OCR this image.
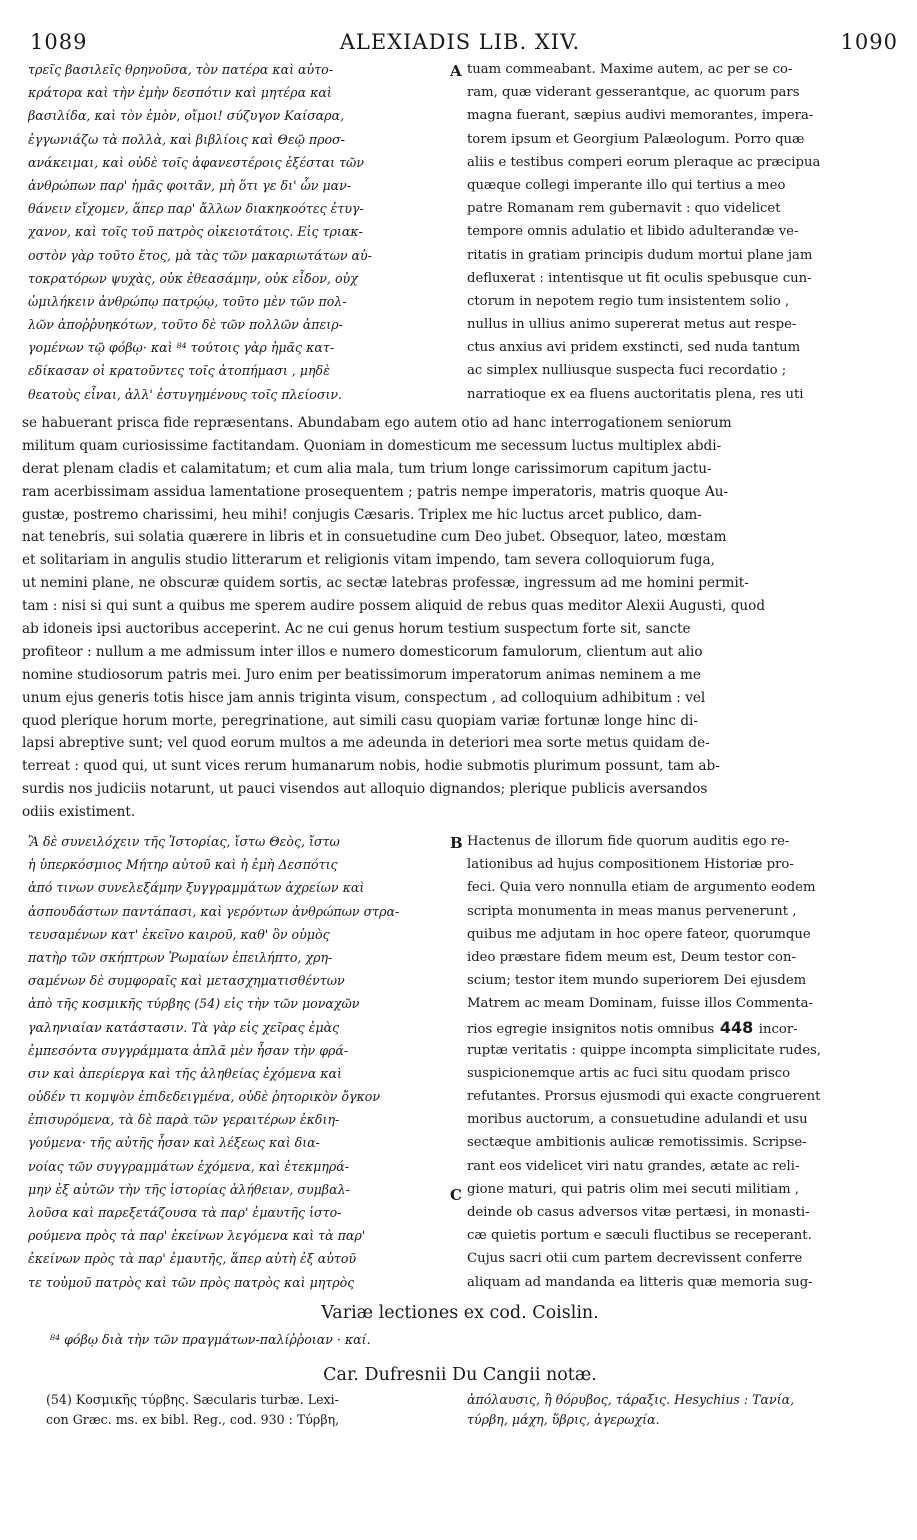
1089	ALEXIADIS LIB. XIV.	1090
τρεῖς βασιλεῖς θρηνοῦσα, τὸν πατέρα καὶ αὐτο-
κράτορα καὶ τὴν ἐμὴν δεσπότιν καὶ μητέρα καὶ
βασιλίδα, καὶ τὸν ἐμὸν, οἴμοι! σύζυγον Καίσαρα,
ἐγγωνιάζω τὰ πολλὰ, καὶ βιβλίοις καὶ Θεῷ προσ-
ανάκειμαι, καὶ οὐδὲ τοῖς ἀφανεστέροις ἐξέσται τῶν
ἀνθρώπων παρ' ἡμᾶς φοιτᾶν, μὴ ὅτι γε δι' ὧν μαν-
θάνειν εἴχομεν, ἅπερ παρ' ἄλλων διακηκοότες ἐτυγ-
χανον, καὶ τοῖς τοῦ πατρὸς οἰκειοτάτοις. Εἰς τριακ-
οστὸν γὰρ τοῦτο ἔτος, μὰ τὰς τῶν μακαριωτάτων αὐ-
τοκρατόρων ψυχὰς, οὐκ ἐθεασάμην, οὐκ εἶδον, οὐχ
ὡμιλήκειν ἀνθρώπῳ πατρῴῳ, τοῦτο μὲν τῶν πολ-
λῶν ἀποῤῥυηκότων, τοῦτο δὲ τῶν πολλῶν ἀπειρ-
γομένων τῷ φόβῳ· καὶ ⁸⁴ τούτοις γὰρ ἡμᾶς κατ-
εδίκασαν οἱ κρατοῦντες τοῖς ἀτοπήμασι , μηδὲ
θεατοὺς εἶναι, ἀλλ' ἐστυγημένους τοῖς πλείοσιν.
A tuam commeabant. Maxime autem, ac per se co-
ram, quæ viderant gesserantque, ac quorum pars
magna fuerant, sæpius audivi memorantes, impera-
torem ipsum et Georgium Palæologum. Porro quæ
aliis e testibus comperi eorum pleraque ac præcipua
quæque collegi imperante illo qui tertius a meo
patre Romanam rem gubernavit : quo videlicet
tempore omnis adulatio et libido adulterandæ ve-
ritatis in gratiam principis dudum mortui plane jam
defluxerat : intentisque ut fit oculis spebusque cun-
ctorum in nepotem regio tum insistentem solio ,
nullus in ullius animo supererat metus aut respe-
ctus anxius avi pridem exstincti, sed nuda tantum
ac simplex nulliusque suspecta fuci recordatio ;
narratioque ex ea fluens auctoritatis plena, res uti
se habuerant prisca fide repræsentans. Abundabam ego autem otio ad hanc interrogationem seniorum
militum quam curiosissime factitandam. Quoniam in domesticum me secessum luctus multiplex abdi-
derat plenam cladis et calamitatum; et cum alia mala, tum trium longe carissimorum capitum jactu-
ram acerbissimam assidua lamentatione prosequentem ; patris nempe imperatoris, matris quoque Au-
gustæ, postremo charissimi, heu mihi! conjugis Cæsaris. Triplex me hic luctus arcet publico, dam-
nat tenebris, sui solatia quærere in libris et in consuetudine cum Deo jubet. Obsequor, lateo, mœstam
et solitariam in angulis studio litterarum et religionis vitam impendo, tam severa colloquiorum fuga,
ut nemini plane, ne obscuræ quidem sortis, ac sectæ latebras professæ, ingressum ad me homini permit-
tam : nisi si qui sunt a quibus me sperem audire possem aliquid de rebus quas meditor Alexii Augusti, quod
ab idoneis ipsi auctoribus acceperint. Ac ne cui genus horum testium suspectum forte sit, sancte
profiteor : nullum a me admissum inter illos e numero domesticorum famulorum, clientum aut alio
nomine studiosorum patris mei. Juro enim per beatissimorum imperatorum animas neminem a me
unum ejus generis totis hisce jam annis triginta visum, conspectum , ad colloquium adhibitum : vel
quod plerique horum morte, peregrinatione, aut simili casu quopiam variæ fortunæ longe hinc di-
lapsi abreptive sunt; vel quod eorum multos a me adeunda in deteriori mea sorte metus quidam de-
terreat : quod qui, ut sunt vices rerum humanarum nobis, hodie submotis plurimum possunt, tam ab-
surdis nos judiciis notarunt, ut pauci visendos aut alloquio dignandos; plerique publicis aversandos
odiis existiment.
Ἃ δὲ συνειλόχειν τῆς Ἱστορίας, ἴστω Θεὸς, ἴστω
ἡ ὑπερκόσμιος Μήτηρ αὐτοῦ καὶ ἡ ἐμὴ Δεσπότις
ἀπό τινων συνελεξάμην ξυγγραμμάτων ἀχρείων καὶ
ἀσπουδάστων παντάπασι, καὶ γερόντων ἀνθρώπων στρα-
τευσαμένων κατ' ἐκεῖνο καιροῦ, καθ' ὃν οὑμὸς
πατὴρ τῶν σκήπτρων Ῥωμαίων ἐπειλήπτο, χρη-
σαμένων δὲ συμφοραῖς καὶ μετασχηματισθέντων
ἀπὸ τῆς κοσμικῆς τύρβης (54) εἰς τὴν τῶν μοναχῶν
γαληνιαίαν κατάστασιν. Τὰ γὰρ εἰς χεῖρας ἐμὰς
ἐμπεσόντα συγγράμματα ἁπλᾶ μὲν ἦσαν τὴν φρά-
σιν καὶ ἀπερίεργα καὶ τῆς ἀληθείας ἐχόμενα καὶ
οὐδέν τι κομψὸν ἐπιδεδειγμένα, οὐδὲ ῥητορικὸν ὄγκον
ἐπισυρόμενα, τὰ δὲ παρὰ τῶν γεραιτέρων ἐκδιη-
γούμενα· τῆς αὐτῆς ἦσαν καὶ λέξεως καὶ δια-
νοίας τῶν συγγραμμάτων ἐχόμενα, καὶ ἐτεκμηρά-
μην ἐξ αὐτῶν τὴν τῆς ἱστορίας ἀλήθειαν, συμβαλ-
λοῦσα καὶ παρεξετάζουσα τὰ παρ' ἐμαυτῆς ἱστο-
ρούμενα πρὸς τὰ παρ' ἐκείνων λεγόμενα καὶ τὰ παρ'
ἐκείνων πρὸς τὰ παρ' ἐμαυτῆς, ἅπερ αὐτὴ ἐξ αὐτοῦ
τε τοὐμοῦ πατρὸς καὶ τῶν πρὸς πατρὸς καὶ μητρὸς
B
C
Hactenus de illorum fide quorum auditis ego re-
lationibus ad hujus compositionem Historiæ pro-
feci. Quia vero nonnulla etiam de argumento eodem
scripta monumenta in meas manus pervenerunt ,
quibus me adjutam in hoc opere fateor, quorumque
ideo præstare fidem meum est, Deum testor con-
scium; testor item mundo superiorem Dei ejusdem
Matrem ac meam Dominam, fuisse illos Commenta-
rios egregie insignitos notis omnibus 448 incor-
ruptæ veritatis : quippe incompta simplicitate rudes,
suspicionemque artis ac fuci situ quodam prisco
refutantes. Prorsus ejusmodi qui exacte congruerent
moribus auctorum, a consuetudine adulandi et usu
sectæque ambitionis aulicæ remotissimis. Scripse-
rant eos videlicet viri natu grandes, ætate ac reli-
gione maturi, qui patris olim mei secuti militiam ,
deinde ob casus adversos vitæ pertæsi, in monasti-
cæ quietis portum e sæculi fluctibus se receperant.
Cujus sacri otii cum partem decrevissent conferre
aliquam ad mandanda ea litteris quæ memoria sug-
Variæ lectiones ex cod. Coislin.
⁸⁴ φόβῳ διὰ τὴν τῶν πραγμάτων-παλίῤῥοιαν · καί.
Car. Dufresnii Du Cangii notæ.
(54) Κοσμικῆς τύρβης. Sæcularis turbæ. Lexi-
con Græc. ms. ex bibl. Reg., cod. 930 : Τύρβη,
ἀπόλαυσις, ἢ θόρυβος, τάραξις. Hesychius : Τανία,
τύρβη, μάχη, ὕβρις, ἀγερωχία.
